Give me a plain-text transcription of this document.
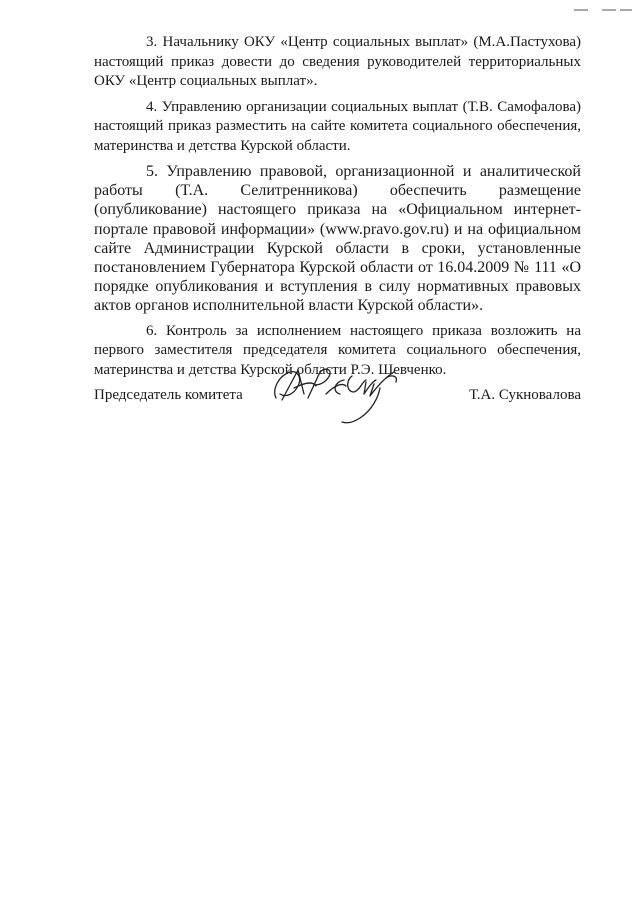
3. Начальнику ОКУ «Центр социальных выплат» (М.А.Пастухова) настоящий приказ довести до сведения руководителей территориальных ОКУ «Центр социальных выплат».

4. Управлению организации социальных выплат (Т.В. Самофалова) настоящий приказ разместить на сайте комитета социального обеспечения, материнства и детства Курской области.

5. Управлению правовой, организационной и аналитической работы (Т.А. Селитренникова) обеспечить размещение (опубликование) настоящего приказа на «Официальном интернет-портале правовой информации» (www.pravo.gov.ru) и на официальном сайте Администрации Курской области в сроки, установленные постановлением Губернатора Курской области от 16.04.2009 № 111 «О порядке опубликования и вступления в силу нормативных правовых актов органов исполнительной власти Курской области».

6. Контроль за исполнением настоящего приказа возложить на первого заместителя председателя комитета социального обеспечения, материнства и детства Курской области Р.Э. Шевченко.

Председатель комитета	Т.А. Сукновалова
